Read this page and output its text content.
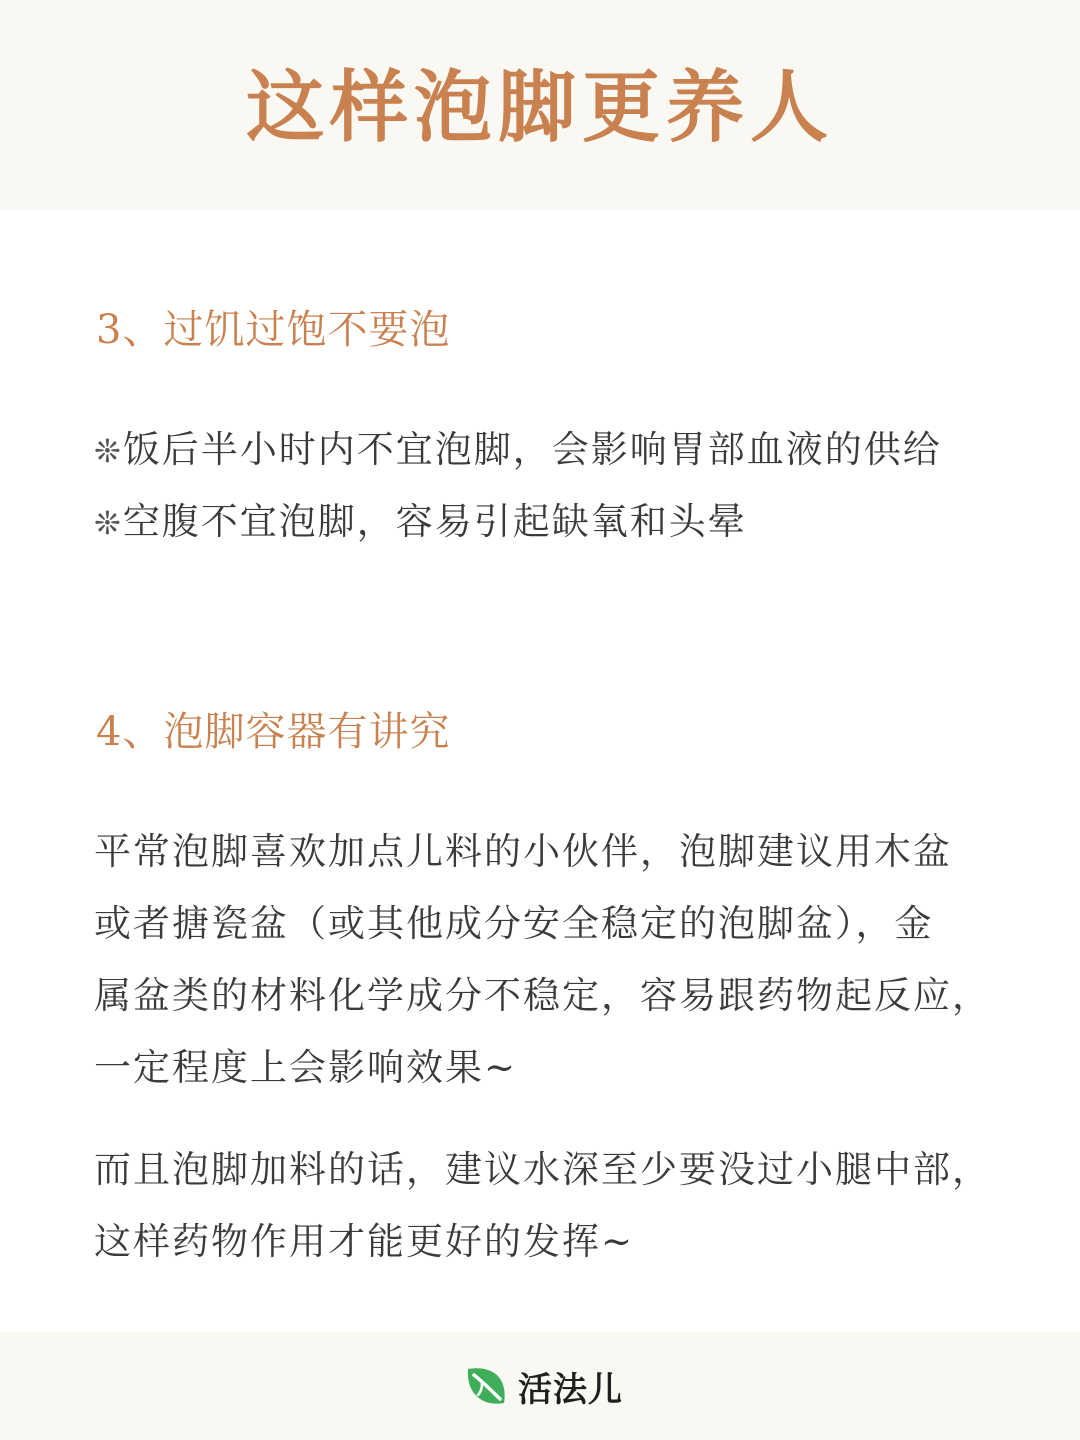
这样泡脚更养人
3、过饥过饱不要泡
❊饭后半小时内不宜泡脚，会影响胃部血液的供给
❊空腹不宜泡脚，容易引起缺氧和头晕
4、泡脚容器有讲究
平常泡脚喜欢加点儿料的小伙伴，泡脚建议用木盆
或者搪瓷盆（或其他成分安全稳定的泡脚盆），金
属盆类的材料化学成分不稳定，容易跟药物起反应，
一定程度上会影响效果~
而且泡脚加料的话，建议水深至少要没过小腿中部，
这样药物作用才能更好的发挥~
活法儿
